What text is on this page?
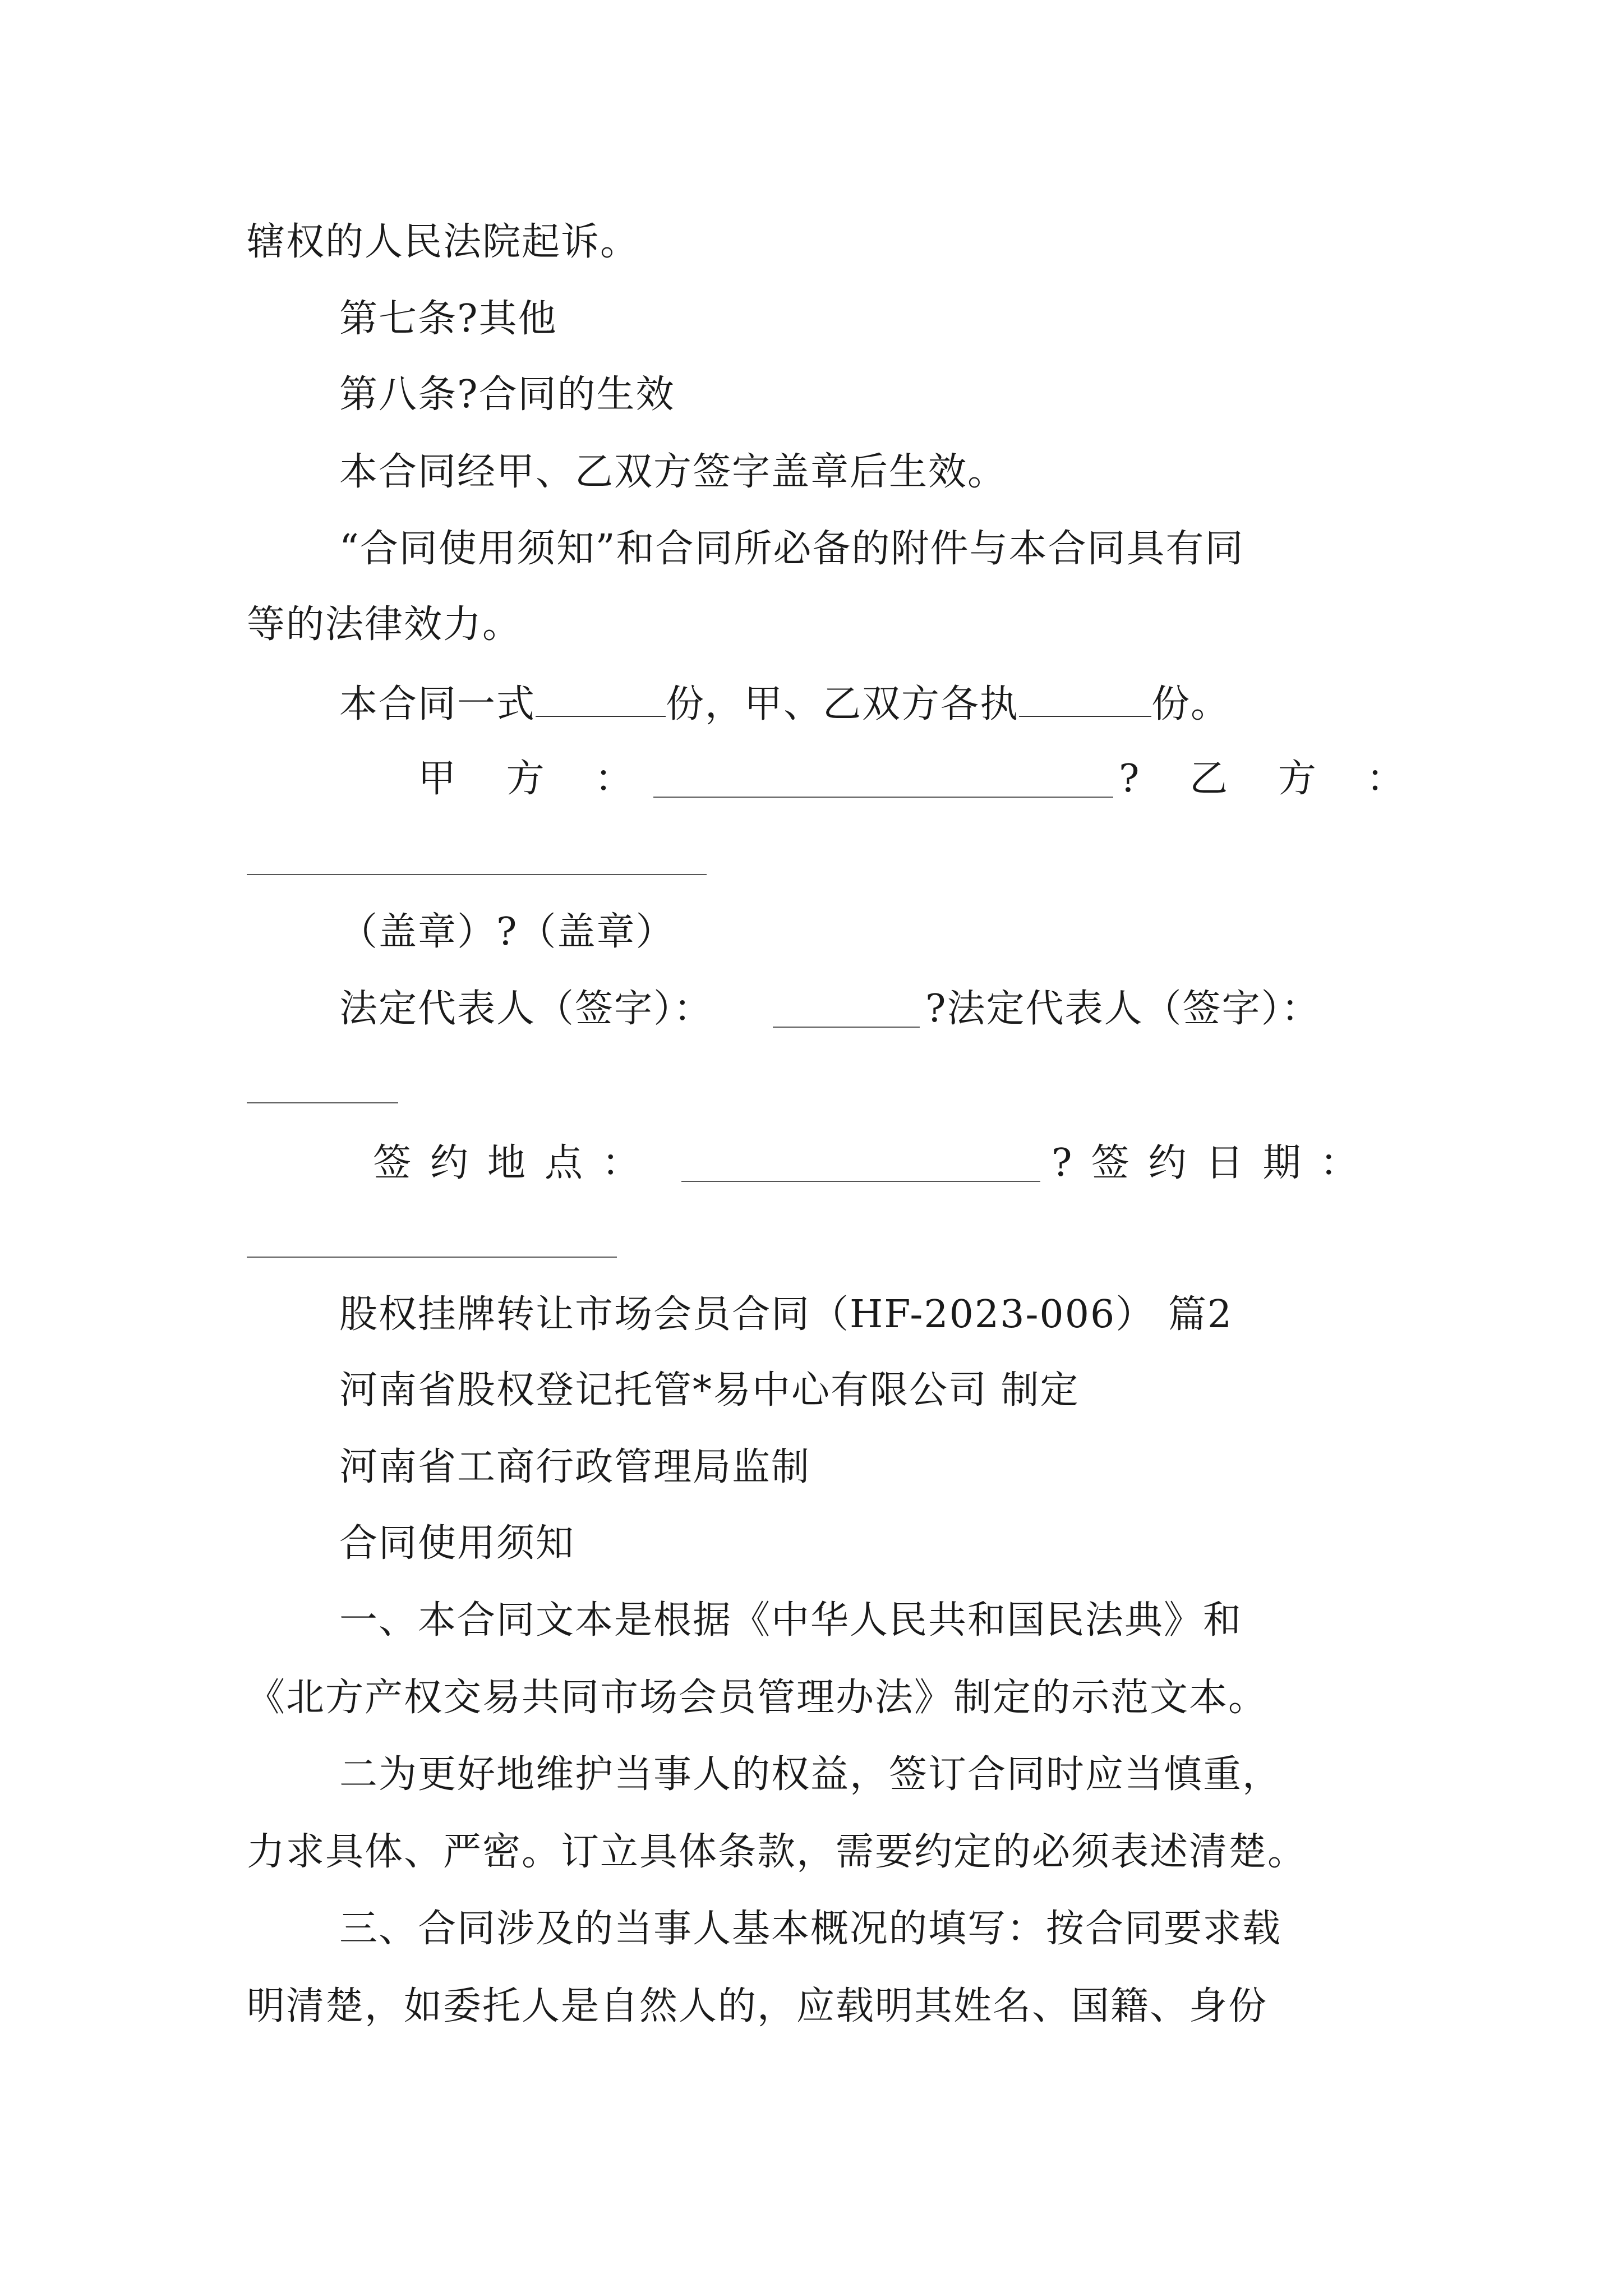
辖权的人民法院起诉。
第七条?其他
第八条?合同的生效
本合同经甲、乙双方签字盖章后生效。
“合同使用须知”和合同所必备的附件与本合同具有同
等的法律效力。
本合同一式	份，甲、乙双方各执	份。
甲 方 ：	? 乙 方 ：
（盖章）?（盖章）
法定代表人（签字）：	?法定代表人（签字）：
签约地点：	?签约日期：
股权挂牌转让市场会员合同（HF-2023-006） 篇2
河南省股权登记托管*易中心有限公司 制定
河南省工商行政管理局监制
合同使用须知
一、本合同文本是根据《中华人民共和国民法典》和
《北方产权交易共同市场会员管理办法》制定的示范文本。
二为更好地维护当事人的权益，签订合同时应当慎重，
力求具体、严密。订立具体条款，需要约定的必须表述清楚。
三、合同涉及的当事人基本概况的填写：按合同要求载
明清楚，如委托人是自然人的，应载明其姓名、国籍、身份
